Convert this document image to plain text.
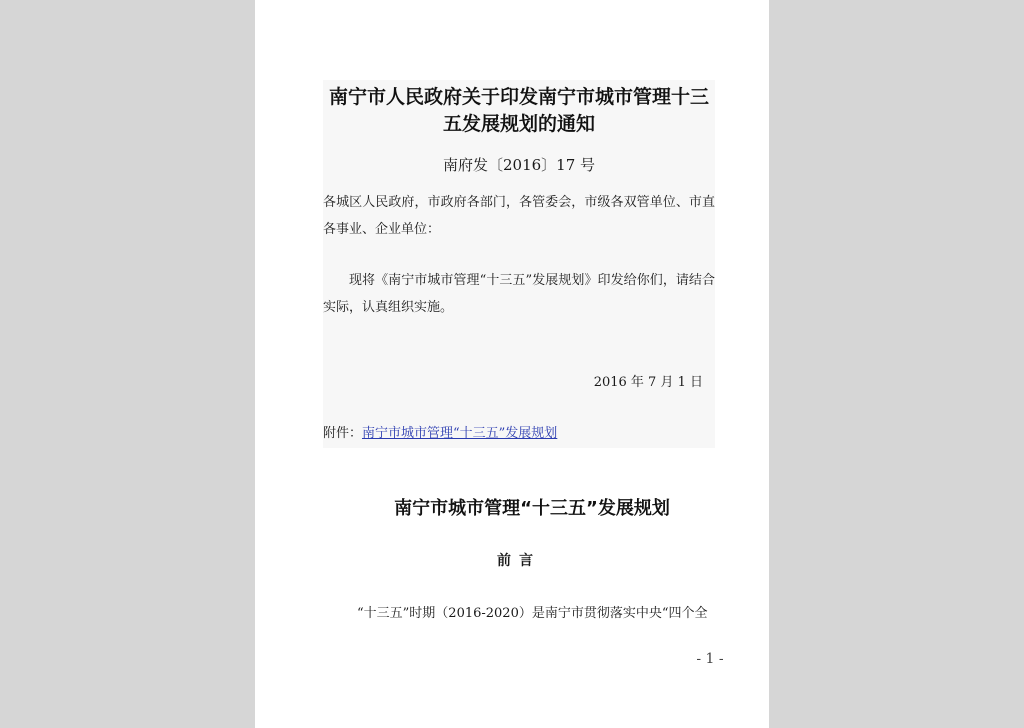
南宁市人民政府关于印发南宁市城市管理十三五发展规划的通知
南府发〔2016〕17 号
各城区人民政府，市政府各部门，各管委会，市级各双管单位、市直各事业、企业单位：
现将《南宁市城市管理“十三五”发展规划》印发给你们，请结合实际，认真组织实施。
2016 年 7 月 1 日
附件：南宁市城市管理“十三五”发展规划
南宁市城市管理“十三五”发展规划
前言
“十三五”时期（2016-2020）是南宁市贯彻落实中央“四个全
- 1 -
